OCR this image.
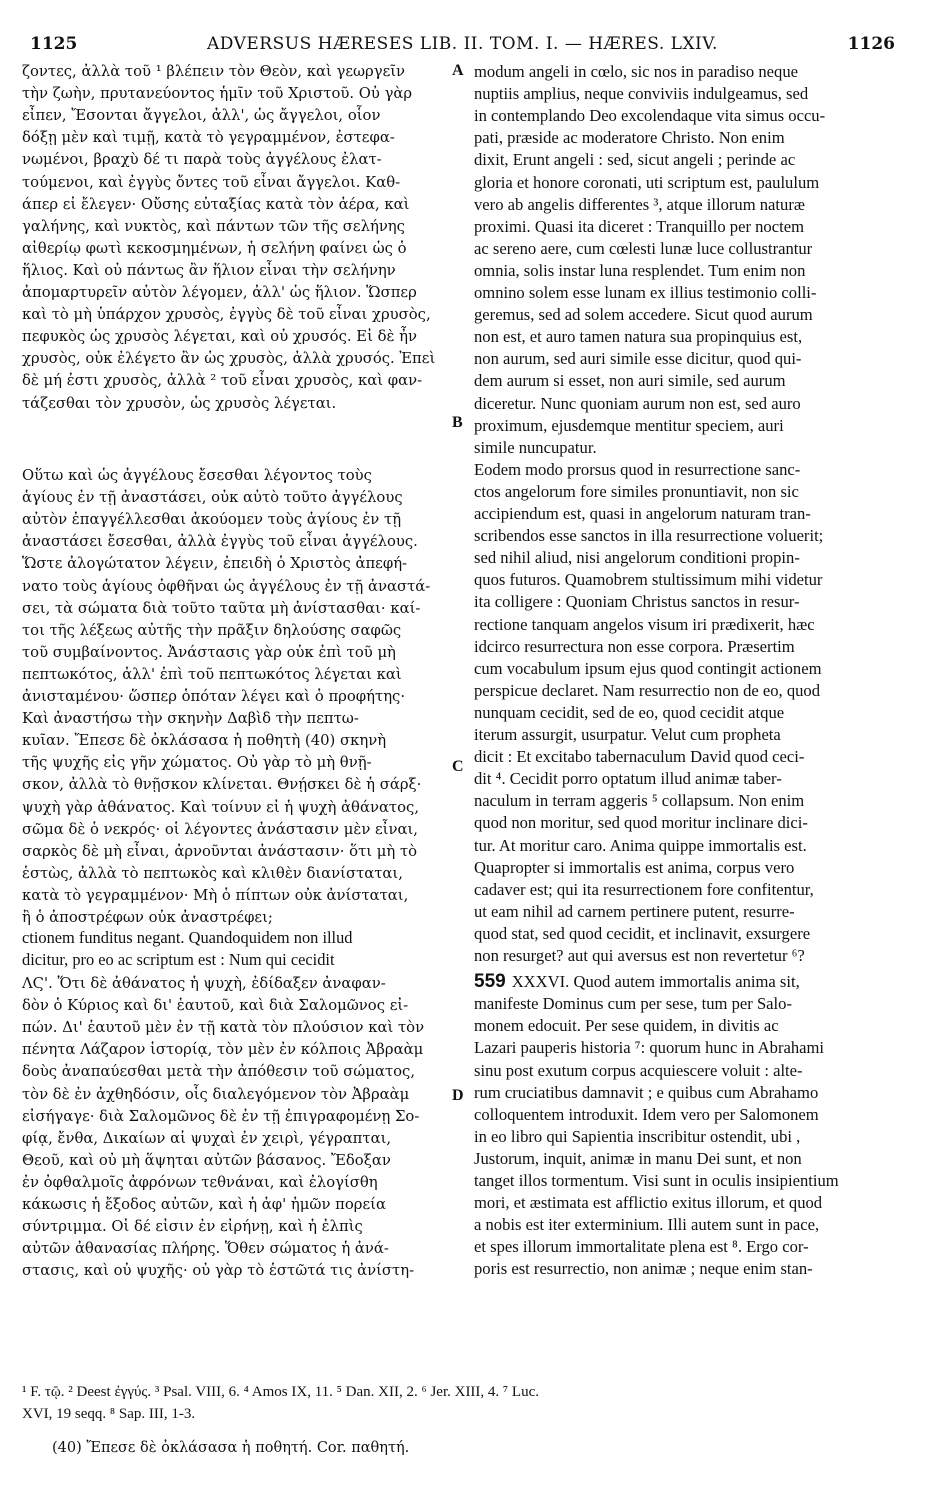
1125	ADVERSUS HÆRESES LIB. II. TOM. I. — HÆRES. LXIV.	1126
ζοντες, ἀλλὰ τοῦ ¹ βλέπειν τὸν Θεὸν, καὶ γεωργεῖν
τὴν ζωὴν, πρυτανεύοντος ἡμῖν τοῦ Χριστοῦ. Οὐ γὰρ
εἶπεν, Ἔσονται ἄγγελοι, ἀλλ', ὡς ἄγγελοι, οἷον
δόξῃ μὲν καὶ τιμῇ, κατὰ τὸ γεγραμμένον, ἐστεφα-
νωμένοι, βραχὺ δέ τι παρὰ τοὺς ἀγγέλους ἐλατ-
τούμενοι, καὶ ἐγγὺς ὄντες τοῦ εἶναι ἄγγελοι. Καθ-
άπερ εἰ ἔλεγεν· Οὔσης εὐταξίας κατὰ τὸν ἀέρα, καὶ
γαλήνης, καὶ νυκτὸς, καὶ πάντων τῶν τῆς σελήνης
αἰθερίῳ φωτὶ κεκοσμημένων, ἡ σελήνη φαίνει ὡς ὁ
ἥλιος. Καὶ οὐ πάντως ἂν ἥλιον εἶναι τὴν σελήνην
ἀπομαρτυρεῖν αὐτὸν λέγομεν, ἀλλ' ὡς ἥλιον. Ὥσπερ
καὶ τὸ μὴ ὑπάρχον χρυσὸς, ἐγγὺς δὲ τοῦ εἶναι χρυσὸς,
πεφυκὸς ὡς χρυσὸς λέγεται, καὶ οὐ χρυσός. Εἰ δὲ ἦν
χρυσὸς, οὐκ ἐλέγετο ἂν ὡς χρυσὸς, ἀλλὰ χρυσός. Ἐπεὶ
δὲ μή ἐστι χρυσὸς, ἀλλὰ ² τοῦ εἶναι χρυσὸς, καὶ φαν-
τάζεσθαι τὸν χρυσὸν, ὡς χρυσὸς λέγεται.
Οὕτω καὶ ὡς ἀγγέλους ἔσεσθαι λέγοντος τοὺς
ἁγίους ἐν τῇ ἀναστάσει, οὐκ αὐτὸ τοῦτο ἀγγέλους
αὐτὸν ἐπαγγέλλεσθαι ἀκούομεν τοὺς ἁγίους ἐν τῇ
ἀναστάσει ἔσεσθαι, ἀλλὰ ἐγγὺς τοῦ εἶναι ἀγγέλους.
Ὥστε ἀλογώτατον λέγειν, ἐπειδὴ ὁ Χριστὸς ἀπεφή-
νατο τοὺς ἁγίους ὀφθῆναι ὡς ἀγγέλους ἐν τῇ ἀναστά-
σει, τὰ σώματα διὰ τοῦτο ταῦτα μὴ ἀνίστασθαι· καί-
τοι τῆς λέξεως αὐτῆς τὴν πρᾶξιν δηλούσης σαφῶς
τοῦ συμβαίνοντος. Ἀνάστασις γὰρ οὐκ ἐπὶ τοῦ μὴ
πεπτωκότος, ἀλλ' ἐπὶ τοῦ πεπτωκότος λέγεται καὶ
ἀνισταμένου· ὥσπερ ὁπόταν λέγει καὶ ὁ προφήτης·
Καὶ ἀναστήσω τὴν σκηνὴν Δαβὶδ τὴν πεπτω-
κυῖαν. Ἔπεσε δὲ ὀκλάσασα ἡ ποθητὴ (40) σκηνὴ
τῆς ψυχῆς εἰς γῆν χώματος. Οὐ γὰρ τὸ μὴ θνῇ-
σκον, ἀλλὰ τὸ θνῇσκον κλίνεται. Θνῄσκει δὲ ἡ σάρξ·
ψυχὴ γὰρ ἀθάνατος. Καὶ τοίνυν εἰ ἡ ψυχὴ ἀθάνατος,
σῶμα δὲ ὁ νεκρός· οἱ λέγοντες ἀνάστασιν μὲν εἶναι,
σαρκὸς δὲ μὴ εἶναι, ἀρνοῦνται ἀνάστασιν· ὅτι μὴ τὸ
ἑστὼς, ἀλλὰ τὸ πεπτωκὸς καὶ κλιθὲν διανίσταται,
κατὰ τὸ γεγραμμένον· Μὴ ὁ πίπτων οὐκ ἀνίσταται,
ἢ ὁ ἀποστρέφων οὐκ ἀναστρέφει;
ctionem funditus negant. Quandoquidem non illud
dicitur, pro eo ac scriptum est : Num qui cecidit
ΛϚ'. Ὅτι δὲ ἀθάνατος ἡ ψυχὴ, ἐδίδαξεν ἀναφαν-
δὸν ὁ Κύριος καὶ δι' ἑαυτοῦ, καὶ διὰ Σαλομῶνος εἰ-
πών. Δι' ἑαυτοῦ μὲν ἐν τῇ κατὰ τὸν πλούσιον καὶ τὸν
πένητα Λάζαρον ἱστορίᾳ, τὸν μὲν ἐν κόλποις Ἀβραὰμ
δοὺς ἀναπαύεσθαι μετὰ τὴν ἀπόθεσιν τοῦ σώματος,
τὸν δὲ ἐν ἀχθηδόσιν, οἷς διαλεγόμενον τὸν Ἀβραὰμ
εἰσήγαγε· διὰ Σαλομῶνος δὲ ἐν τῇ ἐπιγραφομένῃ Σο-
φίᾳ, ἔνθα, Δικαίων αἱ ψυχαὶ ἐν χειρὶ, γέγραπται,
Θεοῦ, καὶ οὐ μὴ ἅψηται αὐτῶν βάσανος. Ἔδοξαν
ἐν ὀφθαλμοῖς ἀφρόνων τεθνάναι, καὶ ἐλογίσθη
κάκωσις ἡ ἔξοδος αὐτῶν, καὶ ἡ ἀφ' ἡμῶν πορεία
σύντριμμα. Οἱ δέ εἰσιν ἐν εἰρήνῃ, καὶ ἡ ἐλπὶς
αὐτῶν ἀθανασίας πλήρης. Ὅθεν σώματος ἡ ἀνά-
στασις, καὶ οὐ ψυχῆς· οὐ γὰρ τὸ ἑστῶτά τις ἀνίστη-
modum angeli in cœlo, sic nos in paradiso neque
nuptiis amplius, neque conviviis indulgeamus, sed
in contemplando Deo excolendaque vita simus occu-
pati, præside ac moderatore Christo. Non enim
dixit, Erunt angeli : sed, sicut angeli ; perinde ac
gloria et honore coronati, uti scriptum est, paululum
vero ab angelis differentes ³, atque illorum naturæ
proximi. Quasi ita diceret : Tranquillo per noctem
ac sereno aere, cum cœlesti lunæ luce collustrantur
omnia, solis instar luna resplendet. Tum enim non
omnino solem esse lunam ex illius testimonio colli-
geremus, sed ad solem accedere. Sicut quod aurum
non est, et auro tamen natura sua propinquius est,
non aurum, sed auri simile esse dicitur, quod qui-
dem aurum si esset, non auri simile, sed aurum
diceretur. Nunc quoniam aurum non est, sed auro
proximum, ejusdemque mentitur speciem, auri
simile nuncupatur.
Eodem modo prorsus quod in resurrectione sanc-
ctos angelorum fore similes pronuntiavit, non sic
accipiendum est, quasi in angelorum naturam tran-
scribendos esse sanctos in illa resurrectione voluerit;
sed nihil aliud, nisi angelorum conditioni propin-
quos futuros. Quamobrem stultissimum mihi videtur
ita colligere : Quoniam Christus sanctos in resur-
rectione tanquam angelos visum iri prædixerit, hæc
idcirco resurrectura non esse corpora. Præsertim
cum vocabulum ipsum ejus quod contingit actionem
perspicue declaret. Nam resurrectio non de eo, quod
nunquam cecidit, sed de eo, quod cecidit atque
iterum assurgit, usurpatur. Velut cum propheta
dicit : Et excitabo tabernaculum David quod ceci-
dit ⁴. Cecidit porro optatum illud animæ taber-
naculum in terram aggeris ⁵ collapsum. Non enim
quod non moritur, sed quod moritur inclinare dici-
tur. At moritur caro. Anima quippe immortalis est.
Quapropter si immortalis est anima, corpus vero
cadaver est; qui ita resurrectionem fore confitentur,
ut eam nihil ad carnem pertinere putent, resurre-
quod stat, sed quod cecidit, et inclinavit, exsurgere
non resurget? aut qui aversus est non revertetur ⁶?
559 XXXVI. Quod autem immortalis anima sit,
manifeste Dominus cum per sese, tum per Salo-
monem edocuit. Per sese quidem, in divitis ac
Lazari pauperis historia ⁷: quorum hunc in Abrahami
sinu post exutum corpus acquiescere voluit : alte-
rum cruciatibus damnavit ; e quibus cum Abrahamo
colloquentem introduxit. Idem vero per Salomonem
in eo libro qui Sapientia inscribitur ostendit, ubi ,
Justorum, inquit, animæ in manu Dei sunt, et non
tanget illos tormentum. Visi sunt in oculis insipientium
mori, et æstimata est afflictio exitus illorum, et quod
a nobis est iter exterminium. Illi autem sunt in pace,
et spes illorum immortalitate plena est ⁸. Ergo cor-
poris est resurrectio, non animæ ; neque enim stan-
A
B
C
D
¹ F. τῷ. ² Deest ἐγγύς. ³ Psal. VIII, 6. ⁴ Amos IX, 11. ⁵ Dan. XII, 2. ⁶ Jer. XIII, 4. ⁷ Luc.
XVI, 19 seqq. ⁸ Sap. III, 1-3.
(40) Ἔπεσε δὲ ὀκλάσασα ἡ ποθητή. Cor. παθητή.
